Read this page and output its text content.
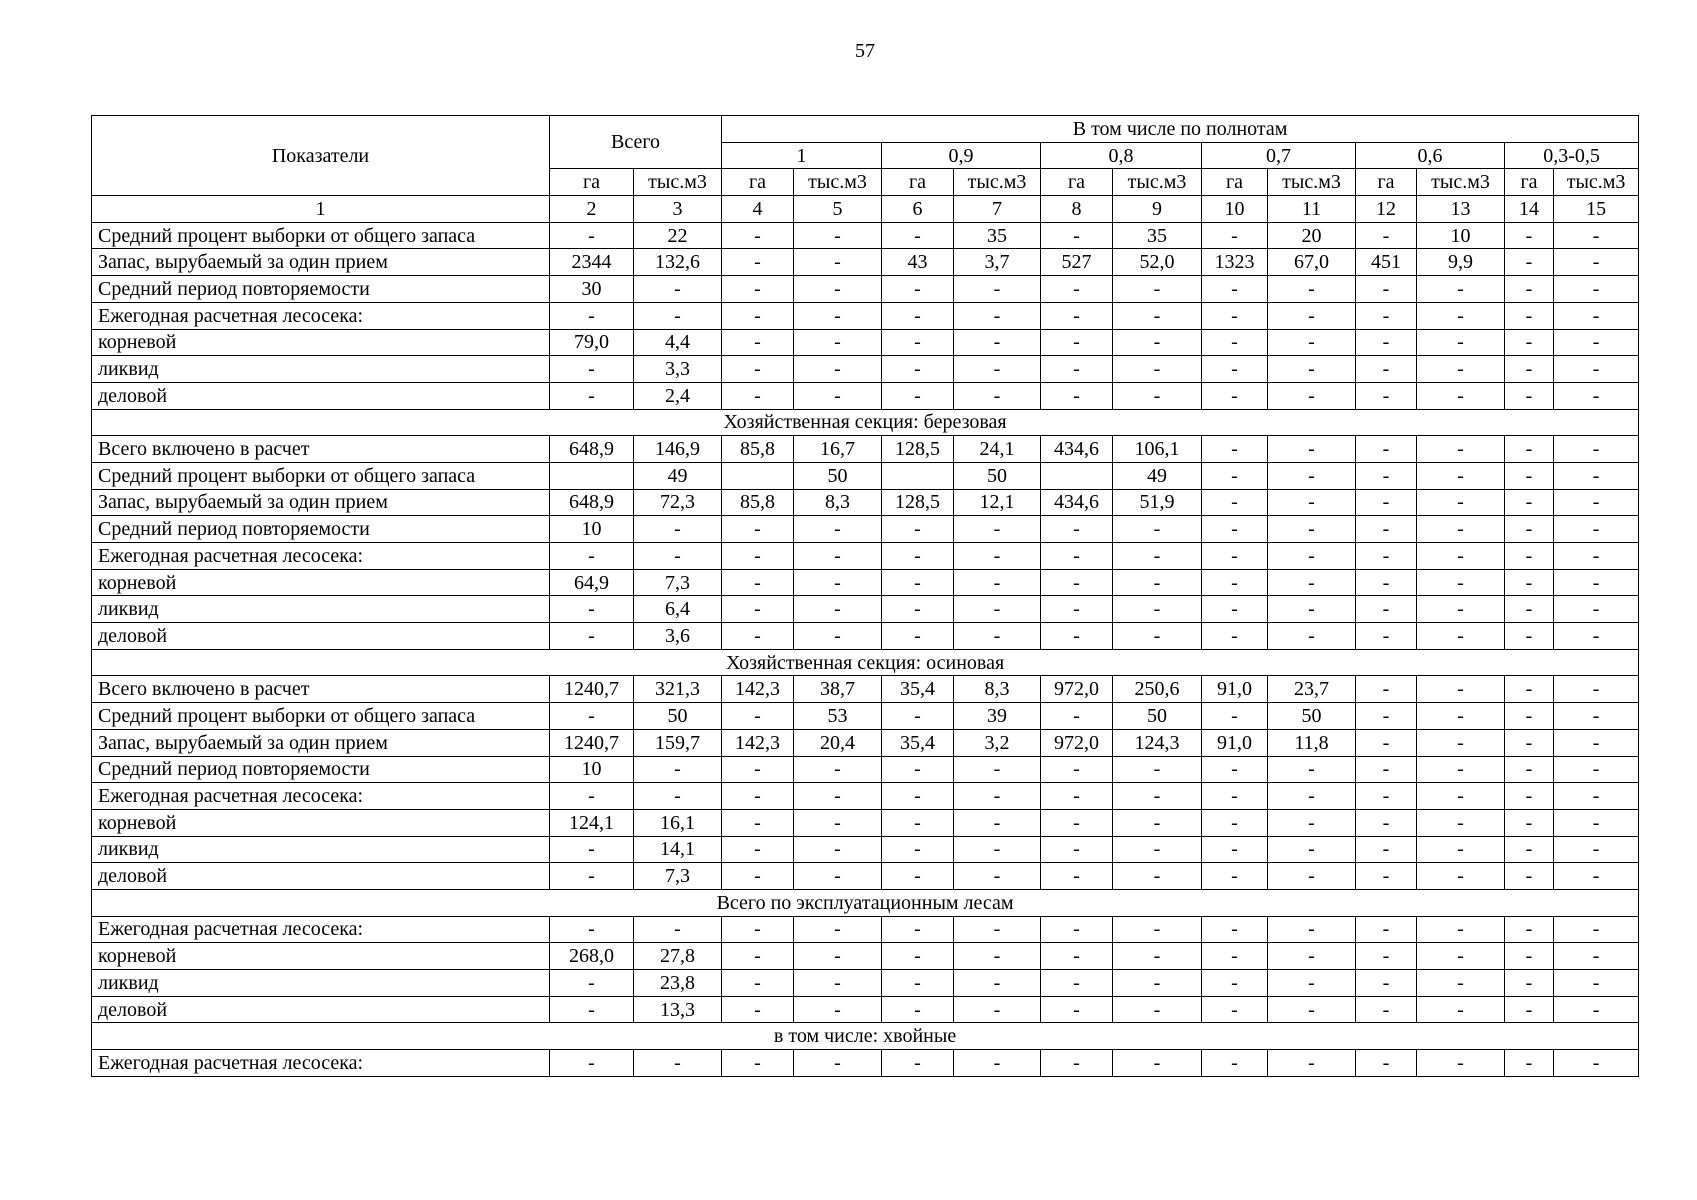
57
Показатели	Всего		В том числе по полнотам											
			1		0,9		0,8		0,7		0,6		0,3-0,5	
	га	тыс.м3	га	тыс.м3	га	тыс.м3	га	тыс.м3	га	тыс.м3	га	тыс.м3	га	тыс.м3
1	2	3	4	5	6	7	8	9	10	11	12	13	14	15
Средний процент выборки от общего запаса	-	22	-	-	-	35	-	35	-	20	-	10	-	-
Запас, вырубаемый за один прием	2344	132,6	-	-	43	3,7	527	52,0	1323	67,0	451	9,9	-	-
Средний период повторяемости	30	-	-	-	-	-	-	-	-	-	-	-	-	-
Ежегодная расчетная лесосека:	-	-	-	-	-	-	-	-	-	-	-	-	-	-
корневой	79,0	4,4	-	-	-	-	-	-	-	-	-	-	-	-
ликвид	-	3,3	-	-	-	-	-	-	-	-	-	-	-	-
деловой	-	2,4	-	-	-	-	-	-	-	-	-	-	-	-
Хозяйственная секция: березовая														
Всего включено в расчет	648,9	146,9	85,8	16,7	128,5	24,1	434,6	106,1	-	-	-	-	-	-
Средний процент выборки от общего запаса		49		50		50		49	-	-	-	-	-	-
Запас, вырубаемый за один прием	648,9	72,3	85,8	8,3	128,5	12,1	434,6	51,9	-	-	-	-	-	-
Средний период повторяемости	10	-	-	-	-	-	-	-	-	-	-	-	-	-
Ежегодная расчетная лесосека:	-	-	-	-	-	-	-	-	-	-	-	-	-	-
корневой	64,9	7,3	-	-	-	-	-	-	-	-	-	-	-	-
ликвид	-	6,4	-	-	-	-	-	-	-	-	-	-	-	-
деловой	-	3,6	-	-	-	-	-	-	-	-	-	-	-	-
Хозяйственная секция: осиновая														
Всего включено в расчет	1240,7	321,3	142,3	38,7	35,4	8,3	972,0	250,6	91,0	23,7	-	-	-	-
Средний процент выборки от общего запаса	-	50	-	53	-	39	-	50	-	50	-	-	-	-
Запас, вырубаемый за один прием	1240,7	159,7	142,3	20,4	35,4	3,2	972,0	124,3	91,0	11,8	-	-	-	-
Средний период повторяемости	10	-	-	-	-	-	-	-	-	-	-	-	-	-
Ежегодная расчетная лесосека:	-	-	-	-	-	-	-	-	-	-	-	-	-	-
корневой	124,1	16,1	-	-	-	-	-	-	-	-	-	-	-	-
ликвид	-	14,1	-	-	-	-	-	-	-	-	-	-	-	-
деловой	-	7,3	-	-	-	-	-	-	-	-	-	-	-	-
Всего по эксплуатационным лесам														
Ежегодная расчетная лесосека:	-	-	-	-	-	-	-	-	-	-	-	-	-	-
корневой	268,0	27,8	-	-	-	-	-	-	-	-	-	-	-	-
ликвид	-	23,8	-	-	-	-	-	-	-	-	-	-	-	-
деловой	-	13,3	-	-	-	-	-	-	-	-	-	-	-	-
в том числе: хвойные														
Ежегодная расчетная лесосека:	-	-	-	-	-	-	-	-	-	-	-	-	-	-
